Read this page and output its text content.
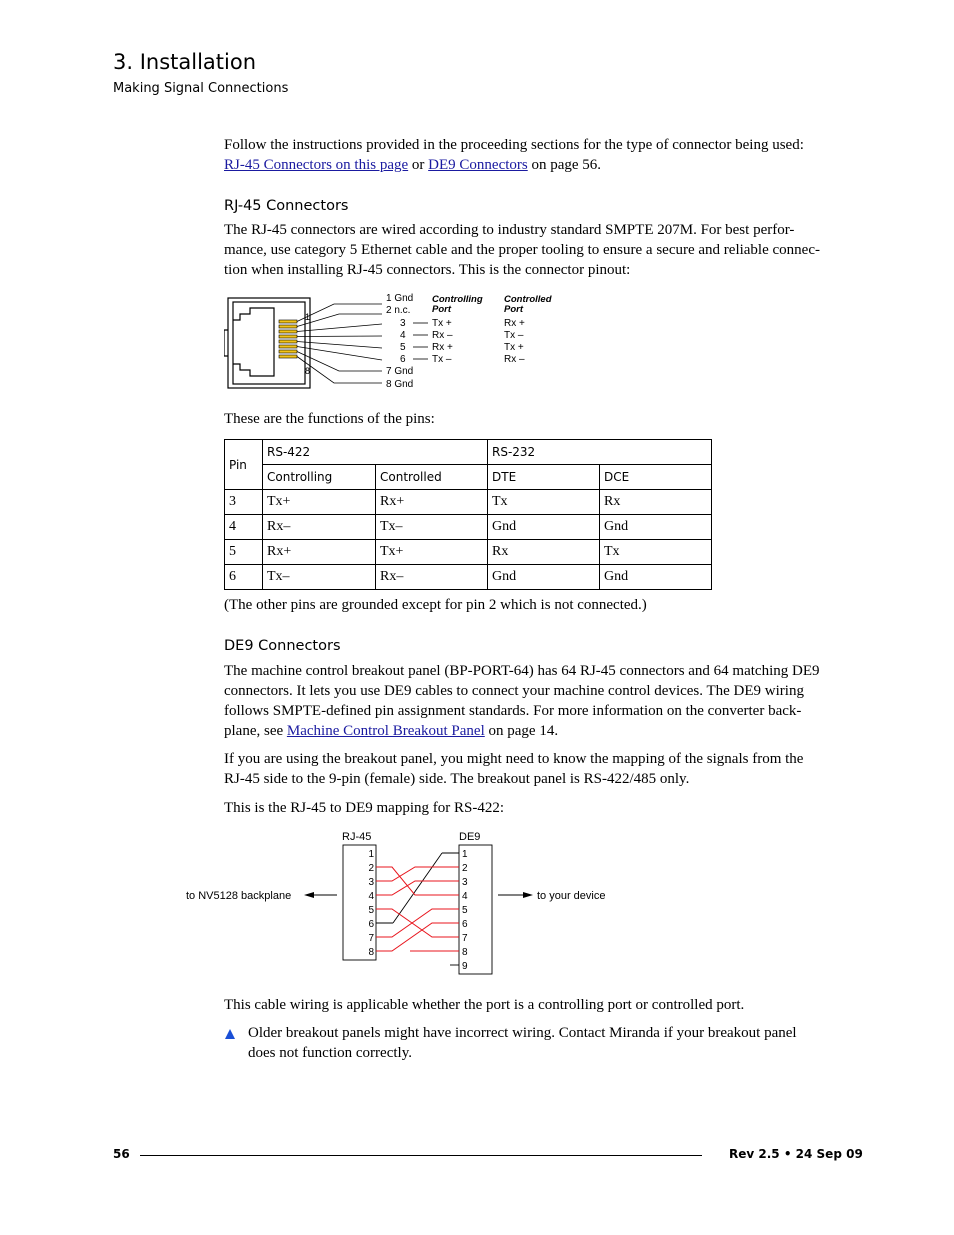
3. Installation
Making Signal Connections
Follow the instructions provided in the proceeding sections for the type of connector being used:
RJ-45 Connectors on this page or DE9 Connectors on page 56.
RJ-45 Connectors
The RJ-45 connectors are wired according to industry standard SMPTE 207M. For best perfor-
mance, use category 5 Ethernet cable and the proper tooling to ensure a secure and reliable connec-
tion when installing RJ-45 connectors. This is the connector pinout:
1
8
1 Gnd
2 n.c.
3
4
5
6
7 Gnd
8 Gnd
Controlling
Port
Controlled
Port
Tx +
Rx –
Rx +
Tx –
Rx +
Tx –
Tx +
Rx –
These are the functions of the pins:
Pin	RS-422		RS-232	
	Controlling	Controlled	DTE	DCE
3	Tx+	Rx+	Tx	Rx
4	Rx–	Tx–	Gnd	Gnd
5	Rx+	Tx+	Rx	Tx
6	Tx–	Rx–	Gnd	Gnd
(The other pins are grounded except for pin 2 which is not connected.)
DE9 Connectors
The machine control breakout panel (BP-PORT-64) has 64 RJ-45 connectors and 64 matching DE9
connectors. It lets you use DE9 cables to connect your machine control devices. The DE9 wiring
follows SMPTE-defined pin assignment standards. For more information on the converter back-
plane, see Machine Control Breakout Panel on page 14.
If you are using the breakout panel, you might need to know the mapping of the signals from the
RJ-45 side to the 9-pin (female) side. The breakout panel is RS-422/485 only.
This is the RJ-45 to DE9 mapping for RS-422:
RJ-45	DE9
1
2
3
4
5
6
7
8
1
2
3
4
5
6
7
8
9
to NV5128 backplane	to your device
This cable wiring is applicable whether the port is a controlling port or controlled port.
Older breakout panels might have incorrect wiring. Contact Miranda if your breakout panel
does not function correctly.
56	Rev 2.5 • 24 Sep 09
